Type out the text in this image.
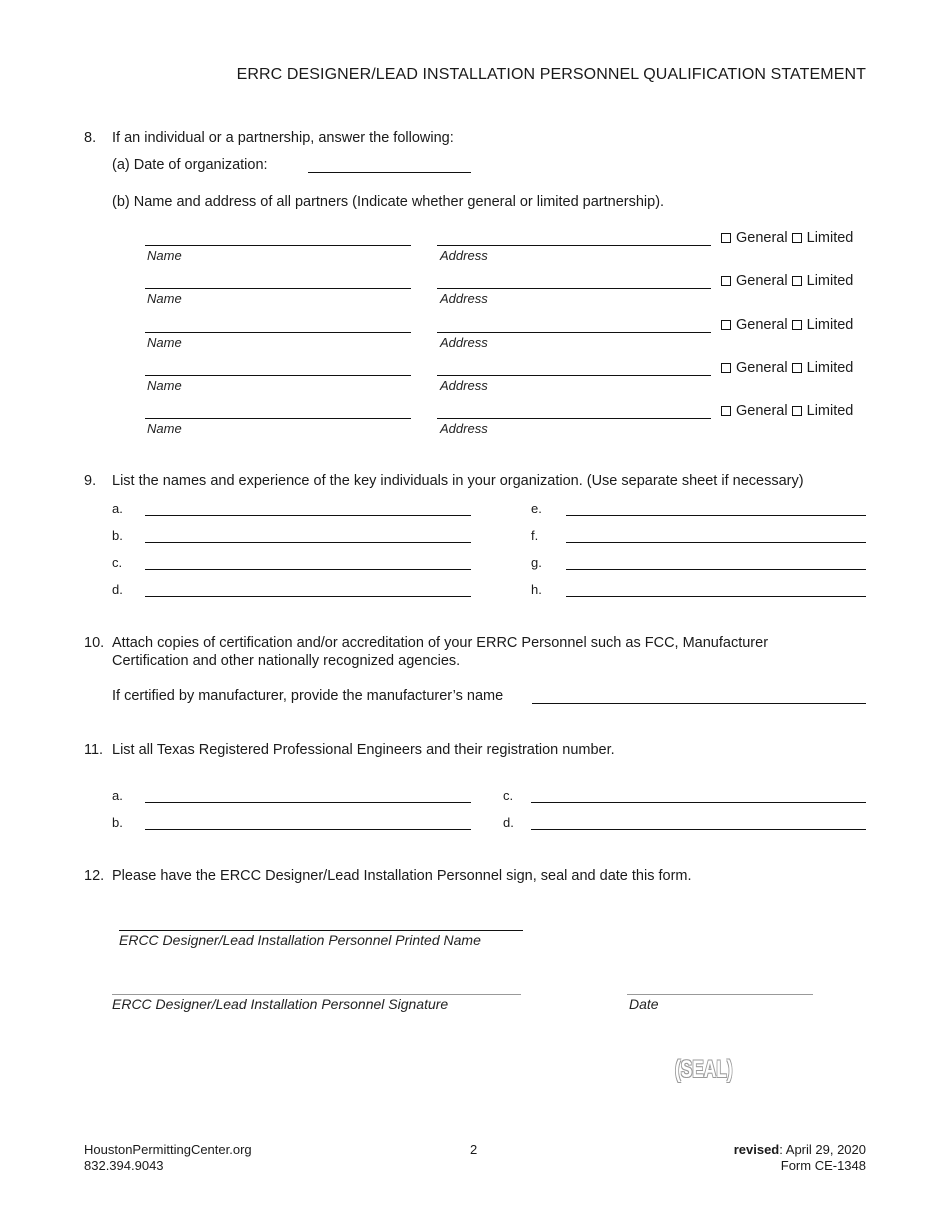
ERRC DESIGNER/LEAD INSTALLATION PERSONNEL QUALIFICATION STATEMENT
8. If an individual or a partnership, answer the following:
(a) Date of organization:
(b) Name and address of all partners (Indicate whether general or limited partnership).
Name	Address
General Limited
Name	Address
General Limited
Name	Address
General Limited
Name	Address
General Limited
Name	Address
General Limited
9. List the names and experience of the key individuals in your organization. (Use separate sheet if necessary)
a.	e.
b.	f.
c.	g.
d.	h.
10. Attach copies of certification and/or accreditation of your ERRC Personnel such as FCC, Manufacturer
Certification and other nationally recognized agencies.
If certified by manufacturer, provide the manufacturer’s name
11. List all Texas Registered Professional Engineers and their registration number.
a.	c.
b.	d.
12. Please have the ERCC Designer/Lead Installation Personnel sign, seal and date this form.
ERCC Designer/Lead Installation Personnel Printed Name
ERCC Designer/Lead Installation Personnel Signature	Date
(SEAL)
HoustonPermittingCenter.org
832.394.9043
2	revised: April 29, 2020
Form CE-1348
